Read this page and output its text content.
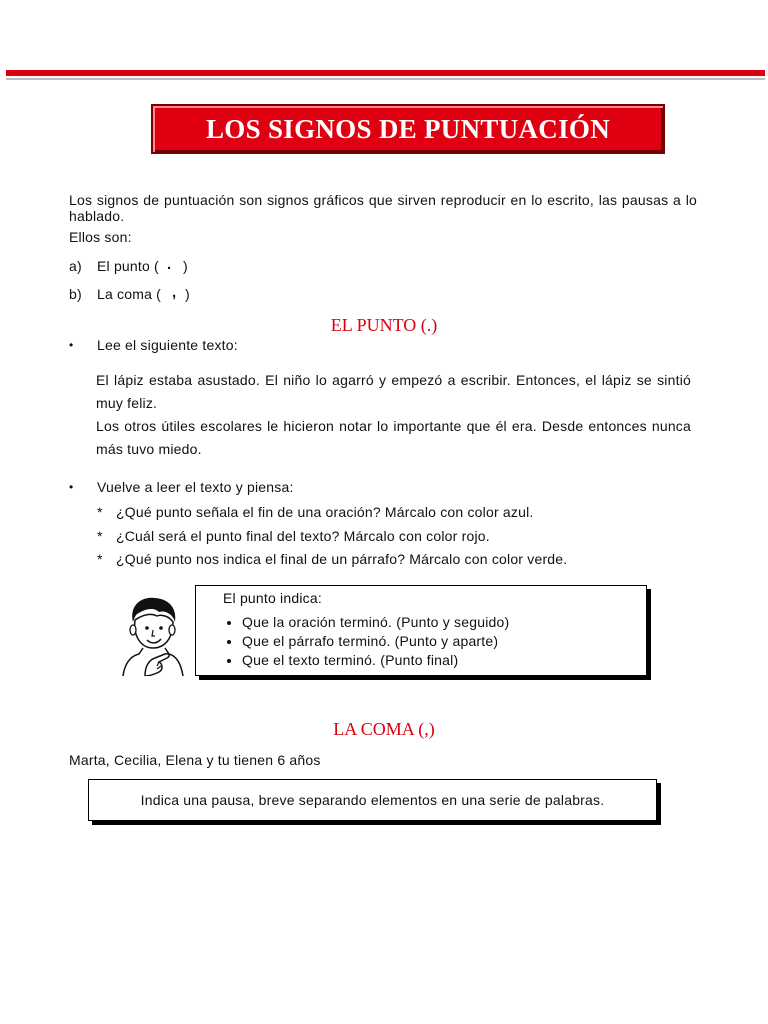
LOS SIGNOS DE PUNTUACIÓN
Los signos de puntuación son signos gráficos que sirven reproducir en lo escrito, las pausas a lo hablado.
Ellos son:
a) El punto ( . )
b) La coma ( , )
EL PUNTO (.)
• Lee el siguiente texto:

El lápiz estaba asustado. El niño lo agarró y empezó a escribir. Entonces, el lápiz se sintió muy feliz.

Los otros útiles escolares le hicieron notar lo importante que él era. Desde entonces nunca más tuvo miedo.

• Vuelve a leer el texto y piensa:
* ¿Qué punto señala el fin de una oración? Márcalo con color azul.
* ¿Cuál será el punto final del texto? Márcalo con color rojo.
* ¿Qué punto nos indica el final de un párrafo? Márcalo con color verde.
El punto indica:
• Que la oración terminó. (Punto y seguido)
• Que el párrafo terminó. (Punto y aparte)
• Que el texto terminó. (Punto final)
LA COMA (,)
Marta, Cecilia, Elena y tu tienen 6 años
Indica una pausa, breve separando elementos en una serie de palabras.
